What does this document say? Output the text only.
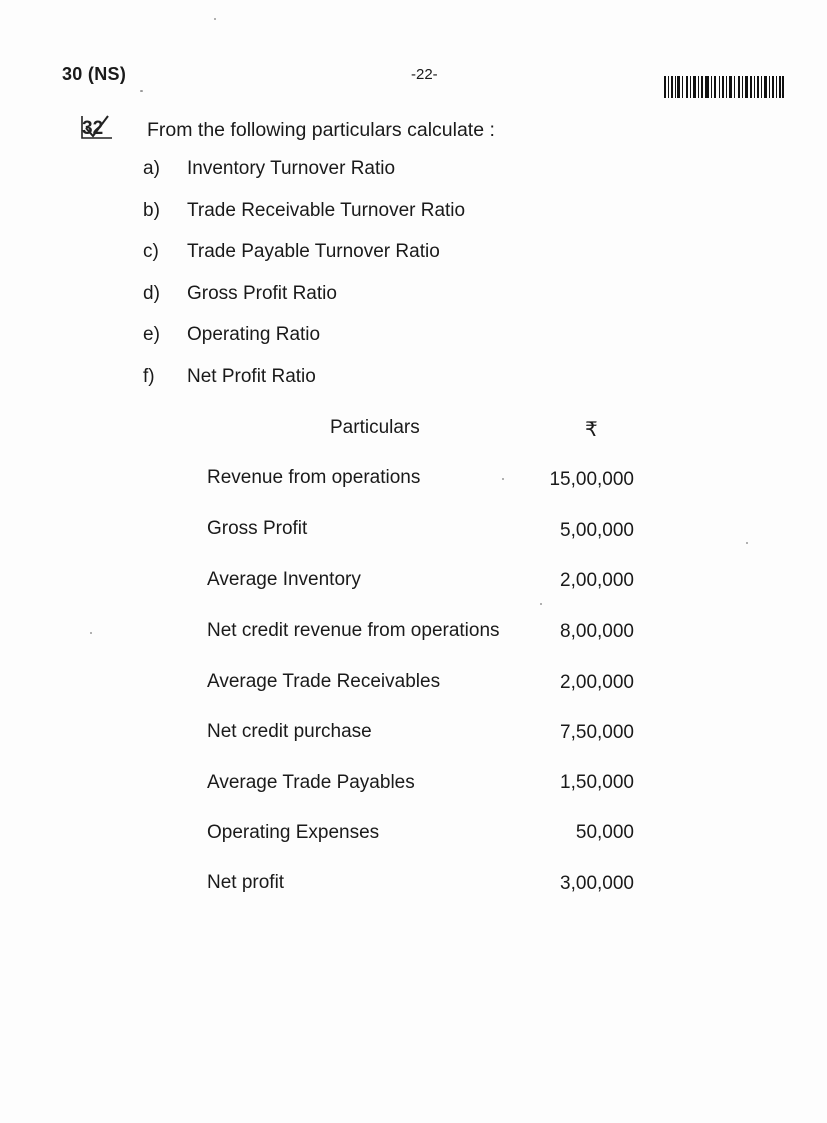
30 (NS)	-22-
32 From the following particulars calculate :
a) Inventory Turnover Ratio
b) Trade Receivable Turnover Ratio
c) Trade Payable Turnover Ratio
d) Gross Profit Ratio
e) Operating Ratio
f) Net Profit Ratio
Particulars	₹
Revenue from operations	15,00,000
Gross Profit	5,00,000
Average Inventory	2,00,000
Net credit revenue from operations	8,00,000
Average Trade Receivables	2,00,000
Net credit purchase	7,50,000
Average Trade Payables	1,50,000
Operating Expenses	50,000
Net profit	3,00,000
